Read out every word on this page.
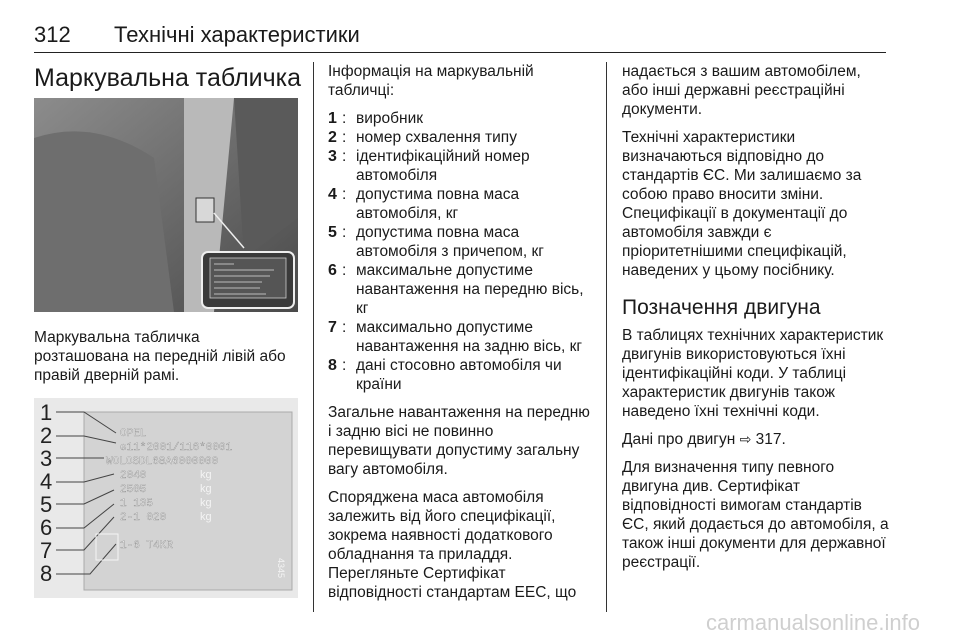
312 Технічні характеристики
Маркувальна табличка
Маркувальна табличка розташована на передній лівій або правій дверній рамі.
1
2
3
4
5
6
7
8
OPEL
e11*2001/116*0001
WOLOSDL68A6000000
2040
2505
1 135
2-1 020
1-6 T4KR
kg
kg
kg
kg
4345

Інформація на маркувальній табличці:

1 : виробник
2 : номер схвалення типу
3 : ідентифікаційний номер автомобіля
4 : допустима повна маса автомобіля, кг
5 : допустима повна маса автомобіля з причепом, кг
6 : максимальне допустиме навантаження на передню вісь, кг
7 : максимально допустиме навантаження на задню вісь, кг
8 : дані стосовно автомобіля чи країни

Загальне навантаження на передню і задню вісі не повинно перевищувати допустиму загальну вагу автомобіля.

Споряджена маса автомобіля залежить від його специфікації, зокрема наявності додаткового обладнання та приладдя. Перегляньте Сертифікат відповідності стандартам ЕЕС, що

надається з вашим автомобілем, або інші державні реєстраційні документи.

Технічні характеристики визначаються відповідно до стандартів ЄС. Ми залишаємо за собою право вносити зміни. Специфікації в документації до автомобіля завжди є пріоритетнішими специфікацій, наведених у цьому посібнику.

Позначення двигуна

В таблицях технічних характеристик двигунів використовуються їхні ідентифікаційні коди. У таблиці характеристик двигунів також наведено їхні технічні коди.

Дані про двигун ⇨ 317.

Для визначення типу певного двигуна див. Сертифікат відповідності вимогам стандартів ЄС, який додається до автомобіля, а також інші документи для державної реєстрації.

carmanualsonline.info
